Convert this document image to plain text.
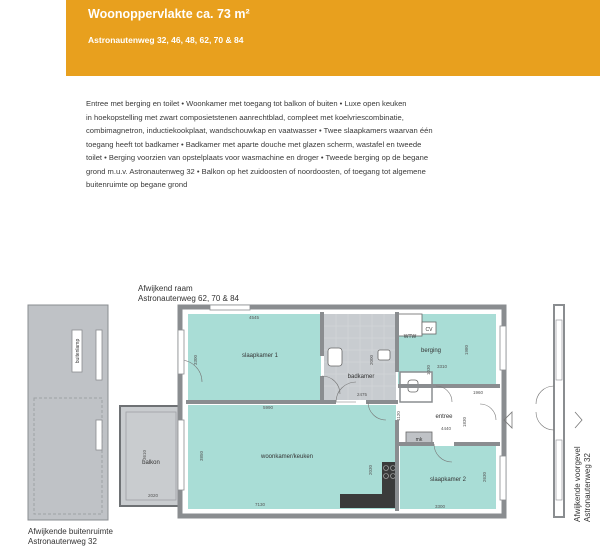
Woonoppervlakte ca. 73 m²
Astronautenweg 32, 46, 48, 62, 70 & 84
Entree met berging en toilet • Woonkamer met toegang tot balkon of buiten • Luxe open keuken
in hoekopstelling met zwart composietstenen aanrechtblad, compleet met koelvriescombinatie,
combimagnetron, inductiekookplaat, wandschouwkap en vaatwasser • Twee slaapkamers waarvan één
toegang heeft tot badkamer • Badkamer met aparte douche met glazen scherm, wastafel en tweede
toilet • Berging voorzien van opstelplaats voor wasmachine en droger • Tweede berging op de begane
grond m.u.v. Astronautenweg 32 • Balkon op het zuidoosten of noordoosten, of toegang tot algemene
buitenruimte op begane grond
Afwijkend raam
Astronautenweg 62, 70 & 84
Afwijkende buitenruimte
Astronautenweg 32
Afwijkende voorgevel Astronautenweg 32
buitenlamp
balkon
3610
2020
slaapkamer 1
4545
3300
badkamer
2000
2475
WTW
CV
berging	1980
3310
entree
1960
1830
4440
mk
woonkamer/keuken
5990
3850
7130
2030
1120
1030
slaapkamer 2	2630
3300
